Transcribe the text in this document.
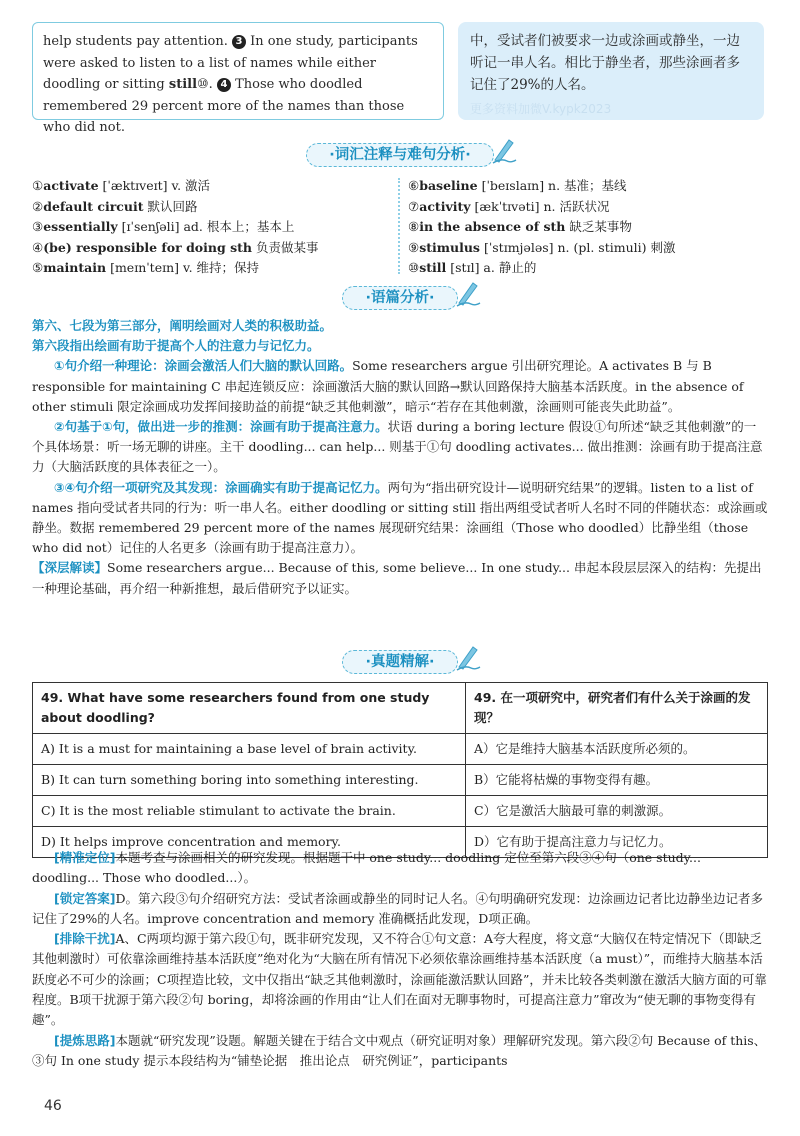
help students pay attention. 3 In one study, participants were asked to listen to a list of names while either doodling or sitting still⑩. 4 Those who doodled remembered 29 percent more of the names than those who did not.
中，受试者们被要求一边或涂画或静坐，一边听记一串人名。相比于静坐者，那些涂画者多记住了29%的人名。
更多资料加微V.kypk2023
·词汇注释与难句分析·
①activate [ˈæktɪveɪt] v. 激活
②default circuit 默认回路
③essentially [ɪˈsenʃəli] ad. 根本上；基本上
④(be) responsible for doing sth 负责做某事
⑤maintain [meɪnˈteɪn] v. 维持；保持
⑥baseline [ˈbeɪslaɪn] n. 基准；基线
⑦activity [ækˈtɪvəti] n. 活跃状况
⑧in the absence of sth 缺乏某事物
⑨stimulus [ˈstɪmjələs] n. (pl. stimuli) 刺激
⑩still [stɪl] a. 静止的
·语篇分析·

第六、七段为第三部分，阐明绘画对人类的积极助益。

第六段指出绘画有助于提高个人的注意力与记忆力。

①句介绍一种理论：涂画会激活人们大脑的默认回路。Some researchers argue 引出研究理论。A activates B 与 B responsible for maintaining C 串起连锁反应：涂画激活大脑的默认回路→默认回路保持大脑基本活跃度。in the absence of other stimuli 限定涂画成功发挥间接助益的前提“缺乏其他刺激”，暗示“若存在其他刺激，涂画则可能丧失此助益”。

②句基于①句，做出进一步的推测：涂画有助于提高注意力。状语 during a boring lecture 假设①句所述“缺乏其他刺激”的一个具体场景：听一场无聊的讲座。主干 doodling... can help... 则基于①句 doodling activates... 做出推测：涂画有助于提高注意力（大脑活跃度的具体表征之一）。

③④句介绍一项研究及其发现：涂画确实有助于提高记忆力。两句为“指出研究设计—说明研究结果”的逻辑。listen to a list of names 指向受试者共同的行为：听一串人名。either doodling or sitting still 指出两组受试者听人名时不同的伴随状态：或涂画或静坐。数据 remembered 29 percent more of the names 展现研究结果：涂画组（Those who doodled）比静坐组（those who did not）记住的人名更多（涂画有助于提高注意力）。

【深层解读】Some researchers argue... Because of this, some believe... In one study... 串起本段层层深入的结构：先提出一种理论基础，再介绍一种新推想，最后借研究予以证实。

·真题精解·
49. What have some researchers found from one study about doodling?	49. 在一项研究中，研究者们有什么关于涂画的发现？
A) It is a must for maintaining a base level of brain activity.	A）它是维持大脑基本活跃度所必须的。
B) It can turn something boring into something interesting.	B）它能将枯燥的事物变得有趣。
C) It is the most reliable stimulant to activate the brain.	C）它是激活大脑最可靠的刺激源。
D) It helps improve concentration and memory.	D）它有助于提高注意力与记忆力。

[精准定位]本题考查与涂画相关的研究发现。根据题干中 one study... doodling 定位至第六段③④句（one study... doodling... Those who doodled...）。

[锁定答案]D。第六段③句介绍研究方法：受试者涂画或静坐的同时记人名。④句明确研究发现：边涂画边记者比边静坐边记者多记住了29%的人名。improve concentration and memory 准确概括此发现，D项正确。

[排除干扰]A、C两项均源于第六段①句，既非研究发现，又不符合①句文意：A夸大程度，将文意“大脑仅在特定情况下（即缺乏其他刺激时）可依靠涂画维持基本活跃度”绝对化为“大脑在所有情况下必须依靠涂画维持基本活跃度（a must）”，而维持大脑基本活跃度必不可少的涂画；C项捏造比较，文中仅指出“缺乏其他刺激时，涂画能激活默认回路”，并未比较各类刺激在激活大脑方面的可靠程度。B项干扰源于第六段②句 boring，却将涂画的作用由“让人们在面对无聊事物时，可提高注意力”窜改为“使无聊的事物变得有趣”。

[提炼思路]本题就“研究发现”设题。解题关键在于结合文中观点（研究证明对象）理解研究发现。第六段②句 Because of this、③句 In one study 提示本段结构为“铺垫论据　推出论点　研究例证”，participants

46
